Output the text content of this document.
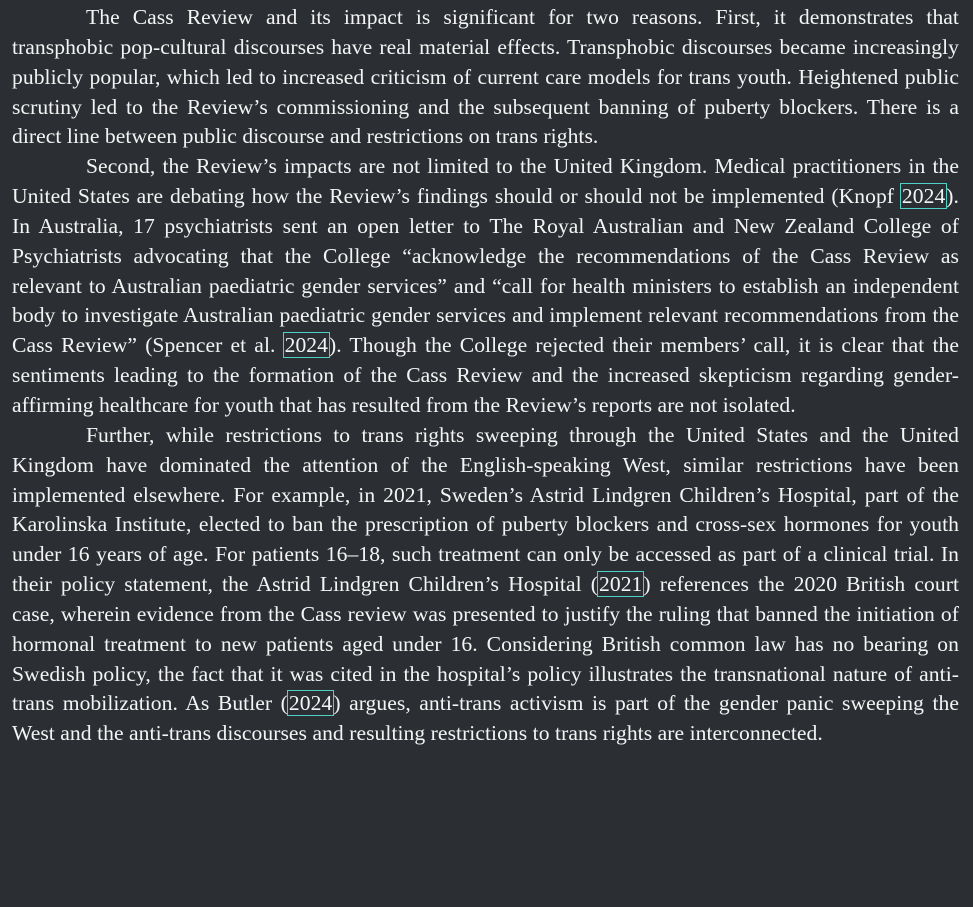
The Cass Review and its impact is significant for two reasons. First, it demonstrates that transphobic pop-cultural discourses have real material effects. Transphobic discourses became increasingly publicly popular, which led to increased criticism of current care models for trans youth. Heightened public scrutiny led to the Review’s commissioning and the subsequent banning of puberty blockers. There is a direct line between public discourse and restrictions on trans rights.

Second, the Review’s impacts are not limited to the United Kingdom. Medical practitioners in the United States are debating how the Review’s findings should or should not be implemented (Knopf 2024). In Australia, 17 psychiatrists sent an open letter to The Royal Australian and New Zealand College of Psychiatrists advocating that the College “acknowledge the recommendations of the Cass Review as relevant to Australian paediatric gender services” and “call for health ministers to establish an independent body to investigate Australian paediatric gender services and implement relevant recommendations from the Cass Review” (Spencer et al. 2024). Though the College rejected their members’ call, it is clear that the sentiments leading to the formation of the Cass Review and the increased skepticism regarding gender-affirming healthcare for youth that has resulted from the Review’s reports are not isolated.

Further, while restrictions to trans rights sweeping through the United States and the United Kingdom have dominated the attention of the English-speaking West, similar restrictions have been implemented elsewhere. For example, in 2021, Sweden’s Astrid Lindgren Children’s Hospital, part of the Karolinska Institute, elected to ban the prescription of puberty blockers and cross-sex hormones for youth under 16 years of age. For patients 16–18, such treatment can only be accessed as part of a clinical trial. In their policy statement, the Astrid Lindgren Children’s Hospital (2021) references the 2020 British court case, wherein evidence from the Cass review was presented to justify the ruling that banned the initiation of hormonal treatment to new patients aged under 16. Considering British common law has no bearing on Swedish policy, the fact that it was cited in the hospital’s policy illustrates the transnational nature of anti-trans mobilization. As Butler (2024) argues, anti-trans activism is part of the gender panic sweeping the West and the anti-trans discourses and resulting restrictions to trans rights are interconnected.
